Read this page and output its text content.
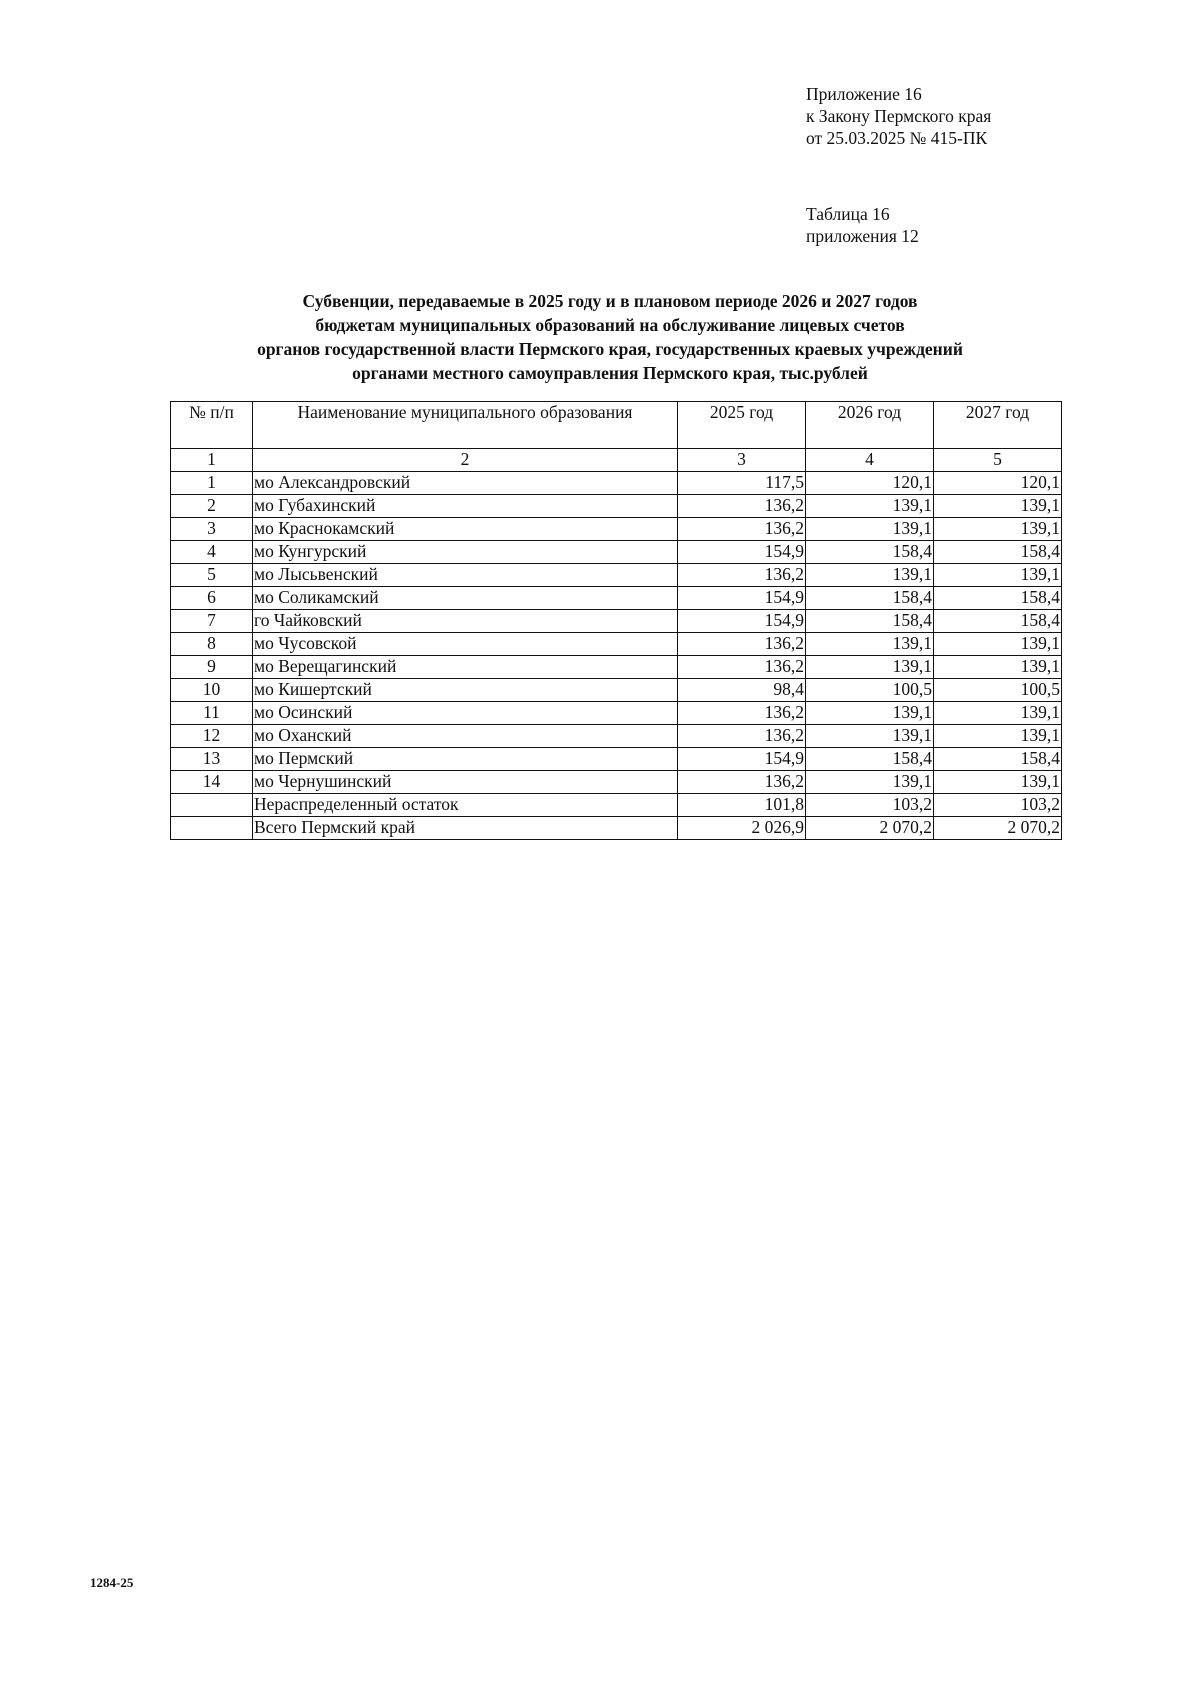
Приложение 16
к Закону Пермского края
от 25.03.2025 № 415-ПК
Таблица 16
приложения 12
Субвенции, передаваемые в 2025 году и в плановом периоде 2026 и 2027 годов
бюджетам муниципальных образований на обслуживание лицевых счетов
органов государственной власти Пермского края, государственных краевых учреждений
органами местного самоуправления Пермского края, тыс.рублей
№ п/п	Наименование муниципального образования	2025 год	2026 год	2027 год
1	2	3	4	5
1	мо Александровский	117,5	120,1	120,1
2	мо Губахинский	136,2	139,1	139,1
3	мо Краснокамский	136,2	139,1	139,1
4	мо Кунгурский	154,9	158,4	158,4
5	мо Лысьвенский	136,2	139,1	139,1
6	мо Соликамский	154,9	158,4	158,4
7	го Чайковский	154,9	158,4	158,4
8	мо Чусовской	136,2	139,1	139,1
9	мо Верещагинский	136,2	139,1	139,1
10	мо Кишертский	98,4	100,5	100,5
11	мо Осинский	136,2	139,1	139,1
12	мо Оханский	136,2	139,1	139,1
13	мо Пермский	154,9	158,4	158,4
14	мо Чернушинский	136,2	139,1	139,1
	Нераспределенный остаток	101,8	103,2	103,2
	Всего Пермский край	2 026,9	2 070,2	2 070,2
1284-25
